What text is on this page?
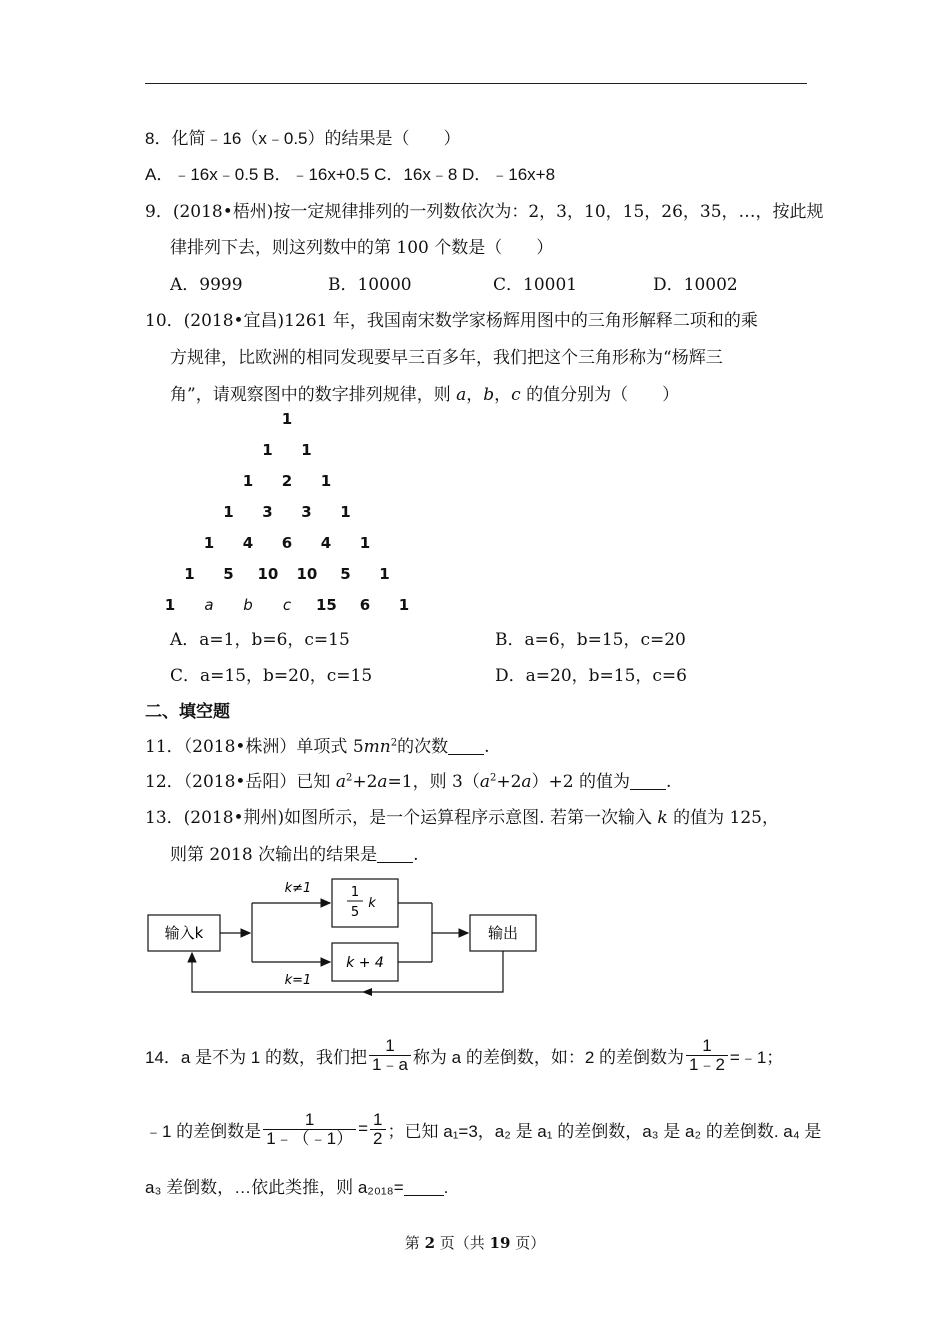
8．化简﹣16（x﹣0.5）的结果是（　　）
A．﹣16x﹣0.5 B．﹣16x+0.5 C．16x﹣8 D．﹣16x+8
9．(2018•梧州)按一定规律排列的一列数依次为：2，3，10，15，26，35，…，按此规
律排列下去，则这列数中的第 100 个数是（　　）
A．9999	B．10000	C．10001	D．10002
10．(2018•宜昌)1261 年，我国南宋数学家杨辉用图中的三角形解释二项和的乘
方规律，比欧洲的相同发现要早三百多年，我们把这个三角形称为“杨辉三
角”，请观察图中的数字排列规律，则 a，b，c 的值分别为（　　）
1
1	1
1	2	1
1	3	3	1
1	4	6	4	1
1	5	10 10	5	1
1	a	b	c	15	6	1
A．a=1，b=6，c=15	B．a=6，b=15，c=20
C．a=15，b=20，c=15	D．a=20，b=15，c=6
二、填空题
11．（2018•株洲）单项式 $5mn^2$的次数 .
12．（2018•岳阳）已知 $a^2+2a=1$，则 $3(a^2+2a)+2$ 的值为 .
13．(2018•荆州)如图所示，是一个运算程序示意图. 若第一次输入 k 的值为 125，
则第 2018 次输出的结果是 .
输入k
1
5
k
k + 4
输出
k≠1
k=1
14．a 是不为 1 的数，我们把 $\frac{1}{1﹣a}$ 称为 a 的差倒数，如：2 的差倒数为 $\frac{1}{1﹣2}$ =﹣1；
﹣1 的差倒数是 $\frac{1}{1﹣(﹣1)} = \frac{1}{2}$ ；已知 a₁=3，a₂ 是 a₁ 的差倒数，a₃ 是 a₂ 的差倒数. a₄ 是
a₃ 差倒数，…依此类推，则 a₂₀₁₈= .
第 2 页（共 19 页）
